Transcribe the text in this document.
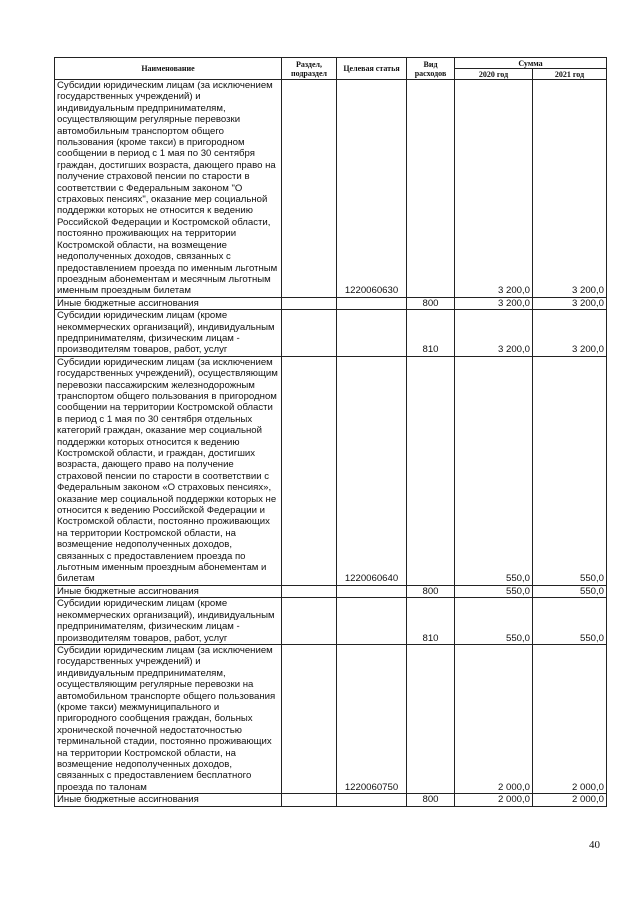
Наименование	Раздел, подраздел	Целевая статья	Вид расходов	Сумма	
				2020 год	2021 год
Субсидии юридическим лицам (за исключением государственных учреждений) и индивидуальным предпринимателям, осуществляющим регулярные перевозки автомобильным транспортом общего пользования (кроме такси) в пригородном сообщении в период с 1 мая по 30 сентября граждан, достигших возраста, дающего право на получение страховой пенсии по старости в соответствии с Федеральным законом "О страховых пенсиях", оказание мер социальной поддержки которых не относится к ведению Российской Федерации и Костромской области, постоянно проживающих на территории Костромской области, на возмещение недополученных доходов, связанных с предоставлением проезда по именным льготным проездным абонементам и месячным льготным именным проездным билетам		1220060630		3 200,0	3 200,0
Иные бюджетные ассигнования			800	3 200,0	3 200,0
Субсидии юридическим лицам (кроме некоммерческих организаций), индивидуальным предпринимателям, физическим лицам - производителям товаров, работ, услуг			810	3 200,0	3 200,0
Субсидии юридическим лицам (за исключением государственных учреждений), осуществляющим перевозки пассажирским железнодорожным транспортом общего пользования в пригородном сообщении на территории Костромской области в период с 1 мая по 30 сентября отдельных категорий граждан, оказание мер социальной поддержки которых относится к ведению Костромской области, и граждан, достигших возраста, дающего право на получение страховой пенсии по старости в соответствии с Федеральным законом «О страховых пенсиях», оказание мер социальной поддержки которых не относится к ведению Российской Федерации и Костромской области, постоянно проживающих на территории Костромской области, на возмещение недополученных доходов, связанных с предоставлением проезда по льготным именным проездным абонементам и билетам		1220060640		550,0	550,0
Иные бюджетные ассигнования			800	550,0	550,0
Субсидии юридическим лицам (кроме некоммерческих организаций), индивидуальным предпринимателям, физическим лицам - производителям товаров, работ, услуг			810	550,0	550,0
Субсидии юридическим лицам (за исключением государственных учреждений) и индивидуальным предпринимателям, осуществляющим регулярные перевозки на автомобильном транспорте общего пользования (кроме такси) межмуниципального и пригородного сообщения граждан, больных хронической почечной недостаточностью терминальной стадии, постоянно проживающих на территории Костромской области, на возмещение недополученных доходов, связанных с предоставлением бесплатного проезда по талонам		1220060750		2 000,0	2 000,0
Иные бюджетные ассигнования			800	2 000,0	2 000,0
40
